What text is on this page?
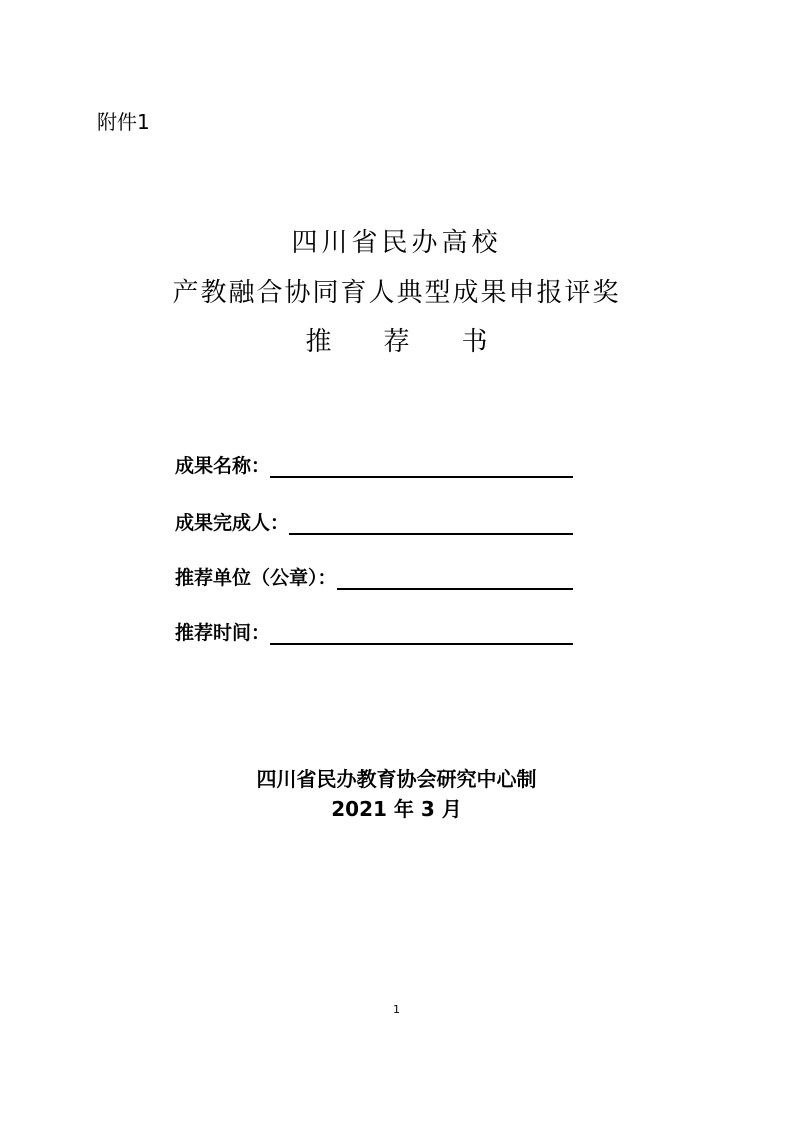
附件1
四川省民办高校
产教融合协同育人典型成果申报评奖
推 荐 书
成果名称：
成果完成人：
推荐单位（公章）：
推荐时间：
四川省民办教育协会研究中心制
2021 年 3 月
1
